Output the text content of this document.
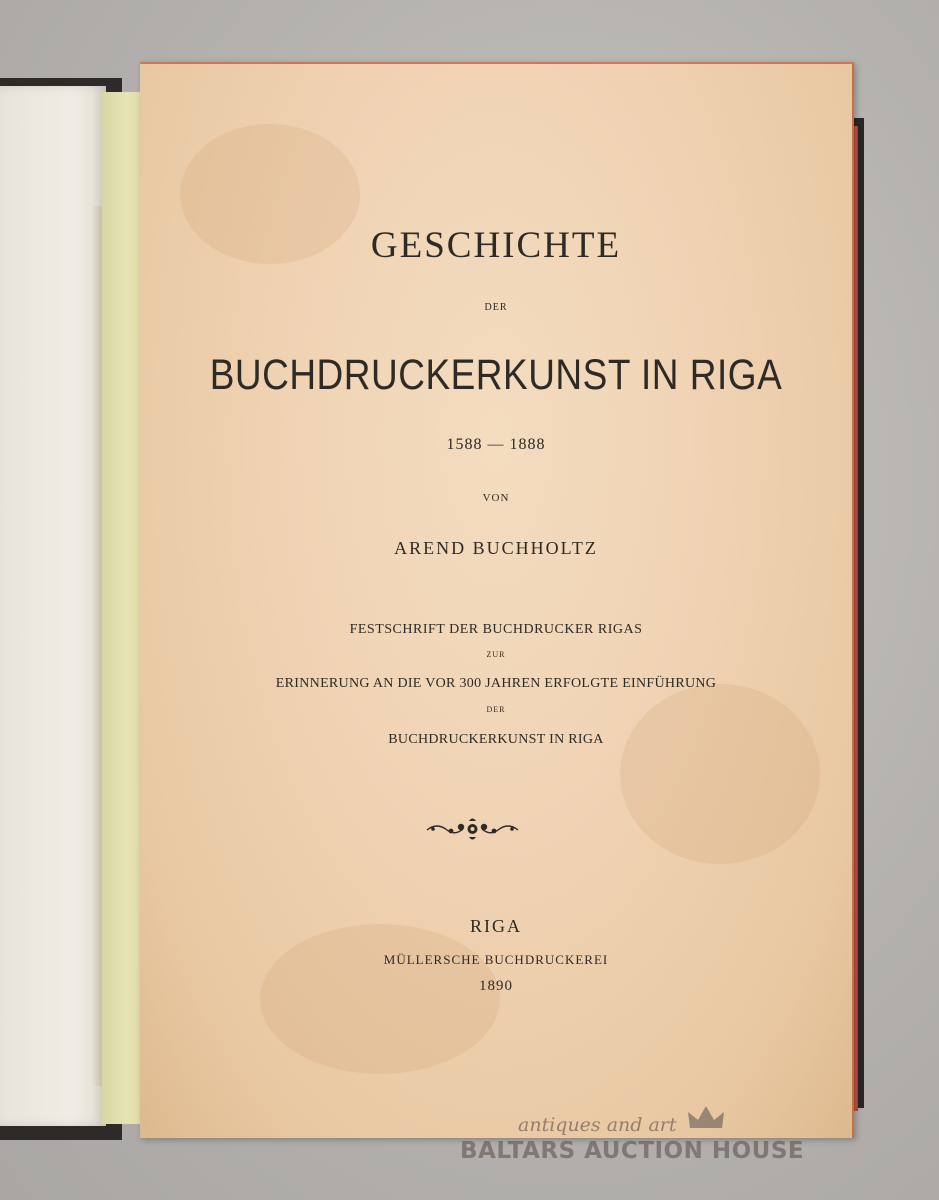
GESCHICHTE
DER
BUCHDRUCKERKUNST IN RIGA
1588 — 1888
VON
AREND BUCHHOLTZ
FESTSCHRIFT DER BUCHDRUCKER RIGAS
ZUR
ERINNERUNG AN DIE VOR 300 JAHREN ERFOLGTE EINFÜHRUNG
DER
BUCHDRUCKERKUNST IN RIGA
RIGA
MÜLLERSCHE BUCHDRUCKEREI
1890
antiques and art
BALTARS AUCTION HOUSE
